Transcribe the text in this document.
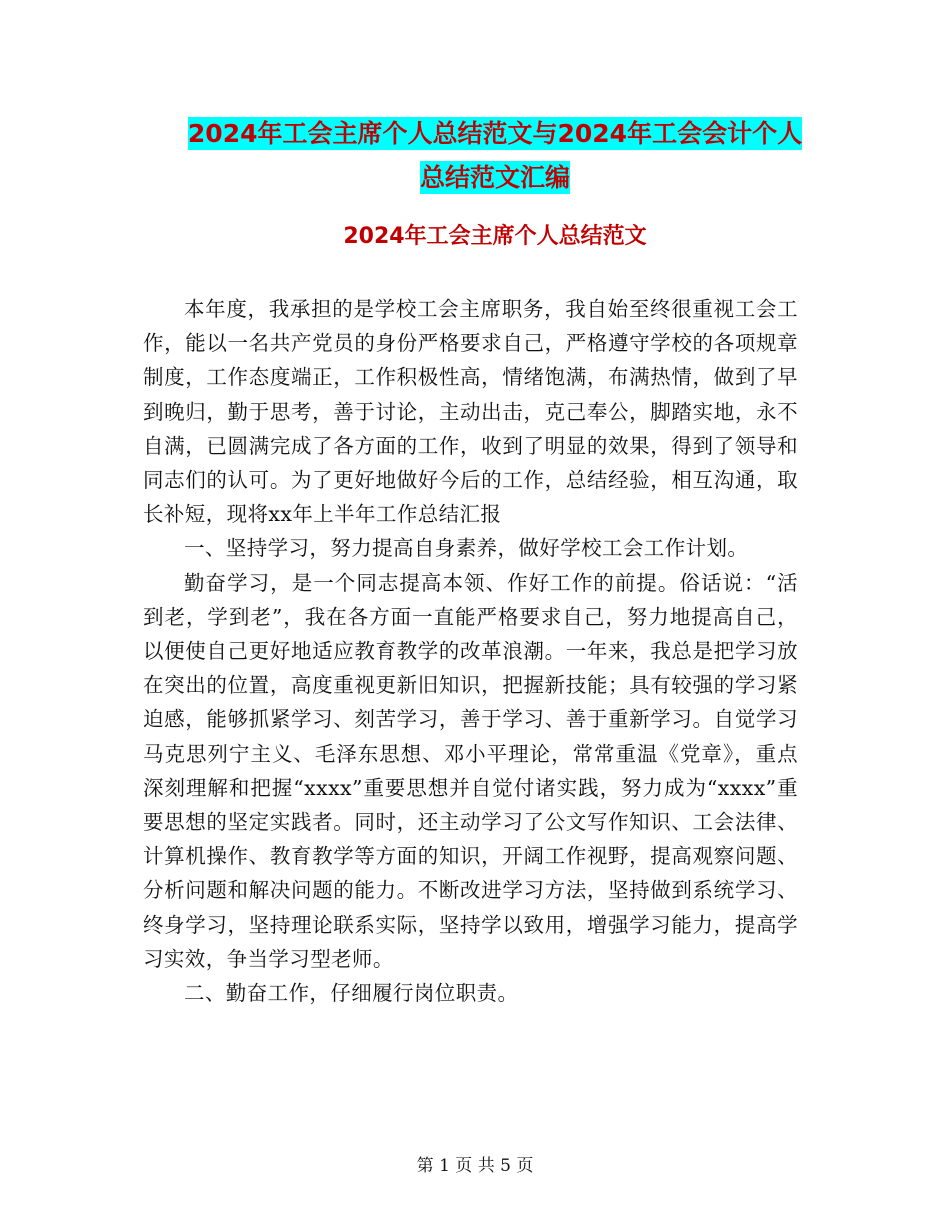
2024年工会主席个人总结范文与2024年工会会计个人
总结范文汇编
2024年工会主席个人总结范文

本年度，我承担的是学校工会主席职务，我自始至终很重视工会工作，能以一名共产党员的身份严格要求自己，严格遵守学校的各项规章制度，工作态度端正，工作积极性高，情绪饱满，布满热情，做到了早到晚归，勤于思考，善于讨论，主动出击，克己奉公，脚踏实地，永不自满，已圆满完成了各方面的工作，收到了明显的效果，得到了领导和同志们的认可。为了更好地做好今后的工作，总结经验，相互沟通，取长补短，现将xx年上半年工作总结汇报

一、坚持学习，努力提高自身素养，做好学校工会工作计划。

勤奋学习，是一个同志提高本领、作好工作的前提。俗话说：“活到老，学到老”，我在各方面一直能严格要求自己，努力地提高自己，以便使自己更好地适应教育教学的改革浪潮。一年来，我总是把学习放在突出的位置，高度重视更新旧知识，把握新技能；具有较强的学习紧迫感，能够抓紧学习、刻苦学习，善于学习、善于重新学习。自觉学习马克思列宁主义、毛泽东思想、邓小平理论，常常重温《党章》，重点深刻理解和把握“xxxx”重要思想并自觉付诸实践，努力成为“xxxx”重要思想的坚定实践者。同时，还主动学习了公文写作知识、工会法律、计算机操作、教育教学等方面的知识，开阔工作视野，提高观察问题、分析问题和解决问题的能力。不断改进学习方法，坚持做到系统学习、终身学习，坚持理论联系实际，坚持学以致用，增强学习能力，提高学习实效，争当学习型老师。

二、勤奋工作，仔细履行岗位职责。

第 1 页 共 5 页
